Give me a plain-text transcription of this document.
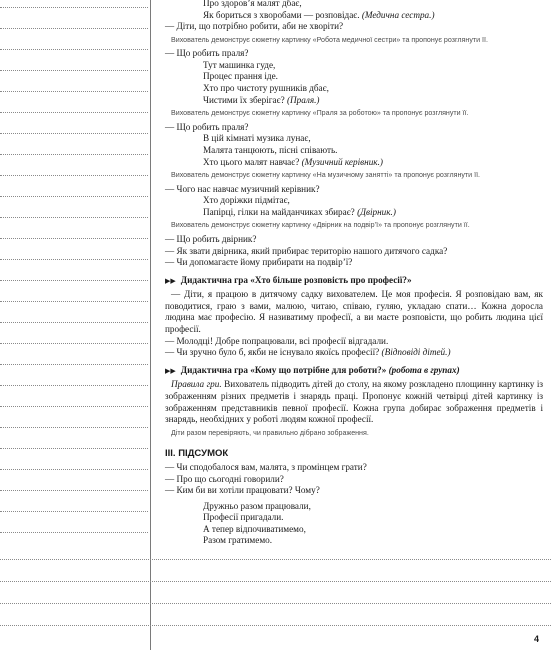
Про здоров’я малят дбає,
Як бориться з хворобами — розповідає. (Медична сестра.)
— Діти, що потрібно робити, аби не хворіти?
Вихователь демонструє сюжетну картинку «Робота медичної сестри» та пропонує розглянути її.
— Що робить праля?
Тут машинка гуде,
Процес прання іде.
Хто про чистоту рушників дбає,
Чистими їх зберігає? (Праля.)
Вихователь демонструє сюжетну картинку «Праля за роботою» та пропонує розглянути її.
— Що робить праля?
В цій кімнаті музика лунає,
Малята танцюють, пісні співають.
Хто цього малят навчає? (Музичний керівник.)
Вихователь демонструє сюжетну картинку «На музичному занятті» та пропонує розглянути її.
— Чого нас навчає музичний керівник?
Хто доріжки підмітає,
Папірці, гілки на майданчиках збирає? (Двірник.)
Вихователь демонструє сюжетну картинку «Двірник на подвір’ї» та пропонує розглянути її.
— Що робить двірник?
— Як звати двірника, який прибирає територію нашого дитячого садка?
— Чи допомагаєте йому прибирати на подвір’ї?
▶▶ Дидактична гра «Хто більше розповість про професії?»
— Діти, я працюю в дитячому садку вихователем. Це моя професія. Я розповідаю вам, як поводитися, граю з вами, малюю, читаю, співаю, гуляю, укладаю спати… Кожна доросла людина має професію. Я називатиму професії, а ви маєте розповісти, що робить людина цієї професії.
— Молодці! Добре попрацювали, всі професії відгадали.
— Чи зручно було б, якби не існувало якоїсь професії? (Відповіді дітей.)
▶▶ Дидактична гра «Кому що потрібне для роботи?» (робота в групах)
Правила гри. Вихователь підводить дітей до столу, на якому розкладено площинну картинку із зображенням різних предметів і знарядь праці. Пропонує кожній четвірці дітей картинку із зображенням представників певної професії. Кожна група добирає зображення предметів і знарядь, необхідних у роботі людям кожної професії.
Діти разом перевіряють, чи правильно дібрано зображення.
ІІІ. ПІДСУМОК
— Чи сподобалося вам, малята, з промінцем грати?
— Про що сьогодні говорили?
— Ким би ви хотіли працювати? Чому?
Дружньо разом працювали,
Професії пригадали.
А тепер відпочиватимемо,
Разом гратимемо.
4
